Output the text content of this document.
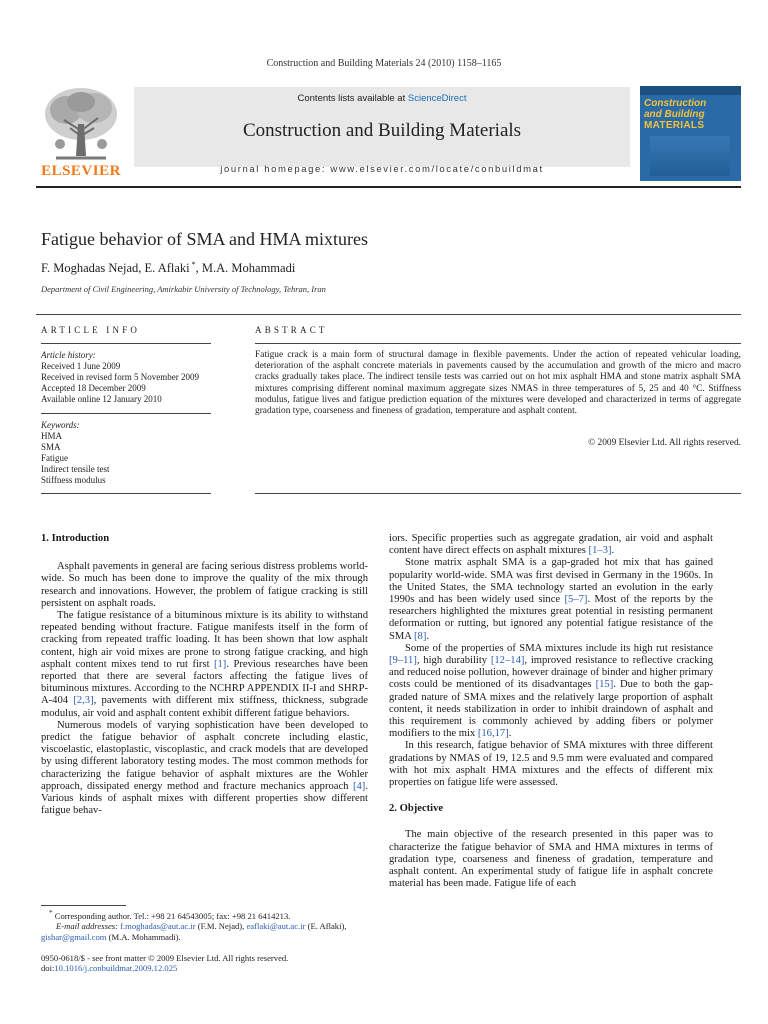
Construction and Building Materials 24 (2010) 1158–1165
ELSEVIER
Contents lists available at ScienceDirect
Construction and Building Materials
journal homepage: www.elsevier.com/locate/conbuildmat
Construction
and Building

MATERIALS
Fatigue behavior of SMA and HMA mixtures
F. Moghadas Nejad, E. Aflaki *, M.A. Mohammadi
Department of Civil Engineering, Amirkabir University of Technology, Tehran, Iran
ARTICLE INFO
Article history:
Received 1 June 2009
Received in revised form 5 November 2009
Accepted 18 December 2009
Available online 12 January 2010
Keywords:
HMA
SMA
Fatigue
Indirect tensile test
Stiffness modulus
ABSTRACT
Fatigue crack is a main form of structural damage in flexible pavements. Under the action of repeated vehicular loading, deterioration of the asphalt concrete materials in pavements caused by the accumulation and growth of the micro and macro cracks gradually takes place. The indirect tensile tests was carried out on hot mix asphalt HMA and stone matrix asphalt SMA mixtures comprising different nominal maximum aggregate sizes NMAS in three temperatures of 5, 25 and 40 °C. Stiffness modulus, fatigue lives and fatigue prediction equation of the mixtures were developed and characterized in terms of aggregate gradation type, coarseness and fineness of gradation, temperature and asphalt content.
© 2009 Elsevier Ltd. All rights reserved.
1. Introduction

Asphalt pavements in general are facing serious distress problems world-wide. So much has been done to improve the quality of the mix through research and innovations. However, the problem of fatigue cracking is still persistent on asphalt roads.

The fatigue resistance of a bituminous mixture is its ability to withstand repeated bending without fracture. Fatigue manifests itself in the form of cracking from repeated traffic loading. It has been shown that low asphalt content, high air void mixes are prone to strong fatigue cracking, and high asphalt content mixes tend to rut first [1]. Previous researches have been reported that there are several factors affecting the fatigue lives of bituminous mixtures. According to the NCHRP APPENDIX II-I and SHRP-A-404 [2,3], pavements with different mix stiffness, thickness, subgrade modulus, air void and asphalt content exhibit different fatigue behaviors.

Numerous models of varying sophistication have been developed to predict the fatigue behavior of asphalt concrete including elastic, viscoelastic, elastoplastic, viscoplastic, and crack models that are developed by using different laboratory testing modes. The most common methods for characterizing the fatigue behavior of asphalt mixtures are the Wohler approach, dissipated energy method and fracture mechanics approach [4]. Various kinds of asphalt mixes with different properties show different fatigue behav-

iors. Specific properties such as aggregate gradation, air void and asphalt content have direct effects on asphalt mixtures [1–3].

Stone matrix asphalt SMA is a gap-graded hot mix that has gained popularity world-wide. SMA was first devised in Germany in the 1960s. In the United States, the SMA technology started an evolution in the early 1990s and has been widely used since [5–7]. Most of the reports by the researchers highlighted the mixtures great potential in resisting permanent deformation or rutting, but ignored any potential fatigue resistance of the SMA [8].

Some of the properties of SMA mixtures include its high rut resistance [9–11], high durability [12–14], improved resistance to reflective cracking and reduced noise pollution, however drainage of binder and higher primary costs could be mentioned of its disadvantages [15]. Due to both the gap-graded nature of SMA mixes and the relatively large proportion of asphalt content, it needs stabilization in order to inhibit draindown of asphalt and this requirement is commonly achieved by adding fibers or polymer modifiers to the mix [16,17].

In this research, fatigue behavior of SMA mixtures with three different gradations by NMAS of 19, 12.5 and 9.5 mm were evaluated and compared with hot mix asphalt HMA mixtures and the effects of different mix properties on fatigue life were assessed.

2. Objective

The main objective of the research presented in this paper was to characterize the fatigue behavior of SMA and HMA mixtures in terms of gradation type, coarseness and fineness of gradation, temperature and asphalt content. An experimental study of fatigue life in asphalt concrete material has been made. Fatigue life of each

* Corresponding author. Tel.: +98 21 64543005; fax: +98 21 6414213.
E-mail addresses: f.moghadas@aut.ac.ir (F.M. Nejad), eaflaki@aut.ac.ir (E. Aflaki),
gishar@gmail.com (M.A. Mohammadi).
0950-0618/$ - see front matter © 2009 Elsevier Ltd. All rights reserved.
doi:10.1016/j.conbuildmat.2009.12.025
